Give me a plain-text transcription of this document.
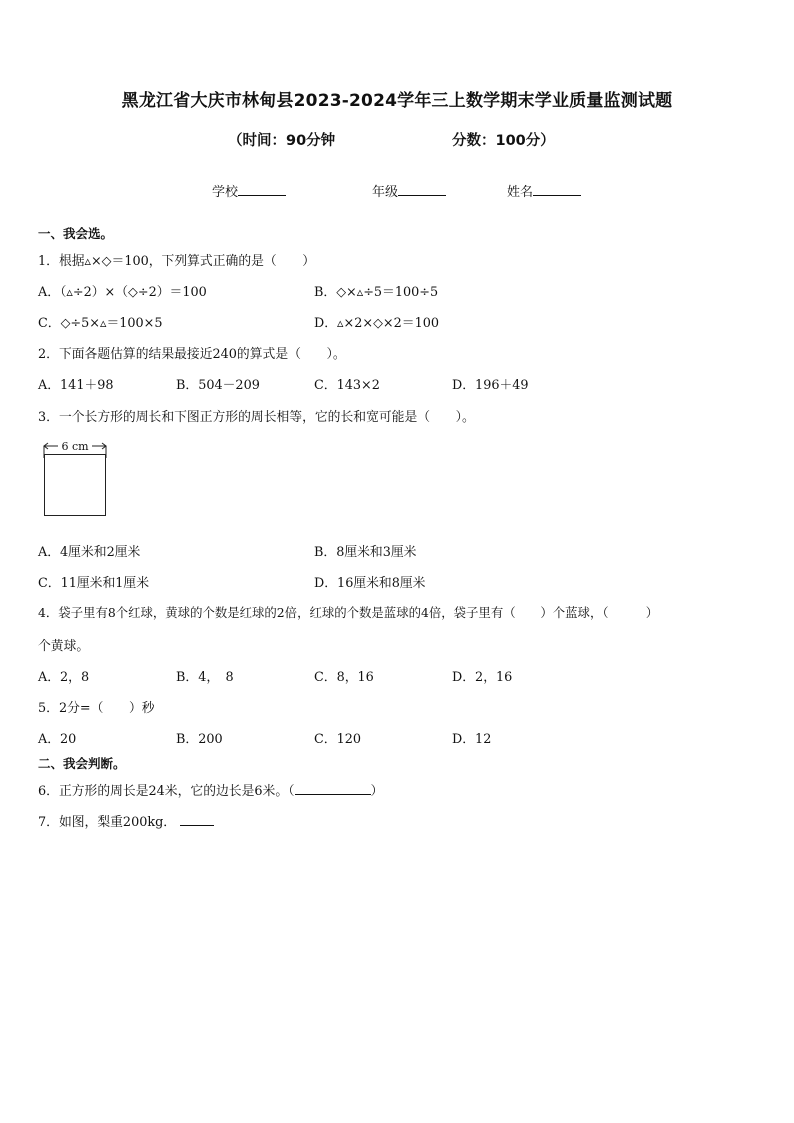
黑龙江省大庆市林甸县2023-2024学年三上数学期末学业质量监测试题
（时间：90分钟	分数：100分）
学校	年级	姓名
一、我会选。
1．根据▵×◇＝100，下列算式正确的是（　　）
A．（▵÷2）×（◇÷2）＝100	B．◇×▵÷5＝100÷5
C．◇÷5×▵＝100×5	D．▵×2×◇×2＝100
2．下面各题估算的结果最接近240的算式是（　　）。
A．141＋98	B．504－209	C．143×2	D．196＋49
3．一个长方形的周长和下图正方形的周长相等，它的长和宽可能是（　　）。
6 cm
A．4厘米和2厘米	B．8厘米和3厘米
C．11厘米和1厘米	D．16厘米和8厘米
4．袋子里有8个红球，黄球的个数是红球的2倍，红球的个数是蓝球的4倍，袋子里有（　　）个蓝球，（　　　）
个黄球。
A．2，8	B．4，　8	C．8，16	D．2，16
5．2分=（　　）秒
A．20	B．200	C．120	D．12
二、我会判断。
6．正方形的周长是24米，它的边长是6米。（	）
7．如图，梨重200kg．
